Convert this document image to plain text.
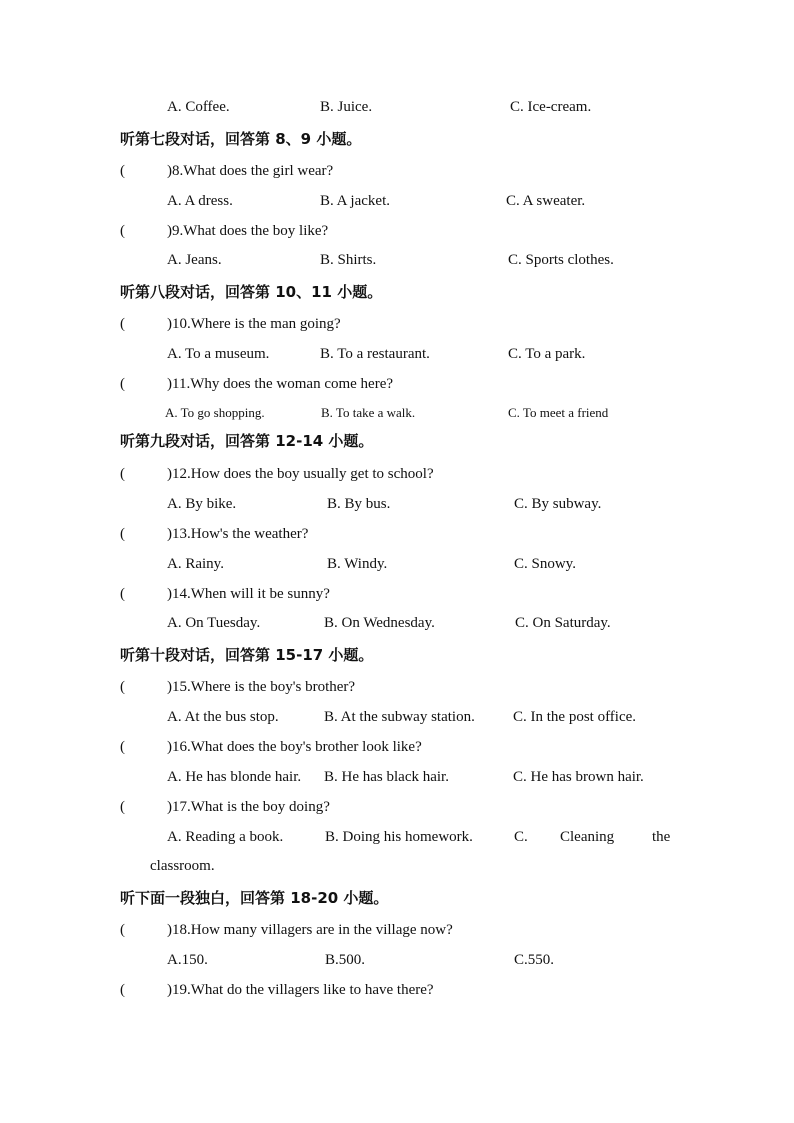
A. Coffee.	B. Juice.	C. Ice-cream.
听第七段对话，回答第 8、9 小题。
(	)8.What does the girl wear?
A. A dress.	B. A jacket.	C. A sweater.
(	)9.What does the boy like?
A. Jeans.	B. Shirts.	C. Sports clothes.
听第八段对话，回答第 10、11 小题。
(	)10.Where is the man going?
A. To a museum.	B. To a restaurant.	C. To a park.
(	)11.Why does the woman come here?
A. To go shopping.	B. To take a walk.	C. To meet a friend
听第九段对话，回答第 12-14 小题。
(	)12.How does the boy usually get to school?
A. By bike.	B. By bus.	C. By subway.
(	)13.How's the weather?
A. Rainy.	B. Windy.	C. Snowy.
(	)14.When will it be sunny?
A. On Tuesday.	B. On Wednesday.	C. On Saturday.
听第十段对话，回答第 15-17 小题。
(	)15.Where is the boy's brother?
A. At the bus stop.	B. At the subway station.	C. In the post office.
(	)16.What does the boy's brother look like?
A. He has blonde hair. B. He has black hair.	C. He has brown hair.
(	)17.What is the boy doing?
A. Reading a book.	B. Doing his homework.	C. Cleaning	the
classroom.
听下面一段独白，回答第 18-20 小题。
(	)18.How many villagers are in the village now?
A.150.	B.500.	C.550.
(	)19.What do the villagers like to have there?
